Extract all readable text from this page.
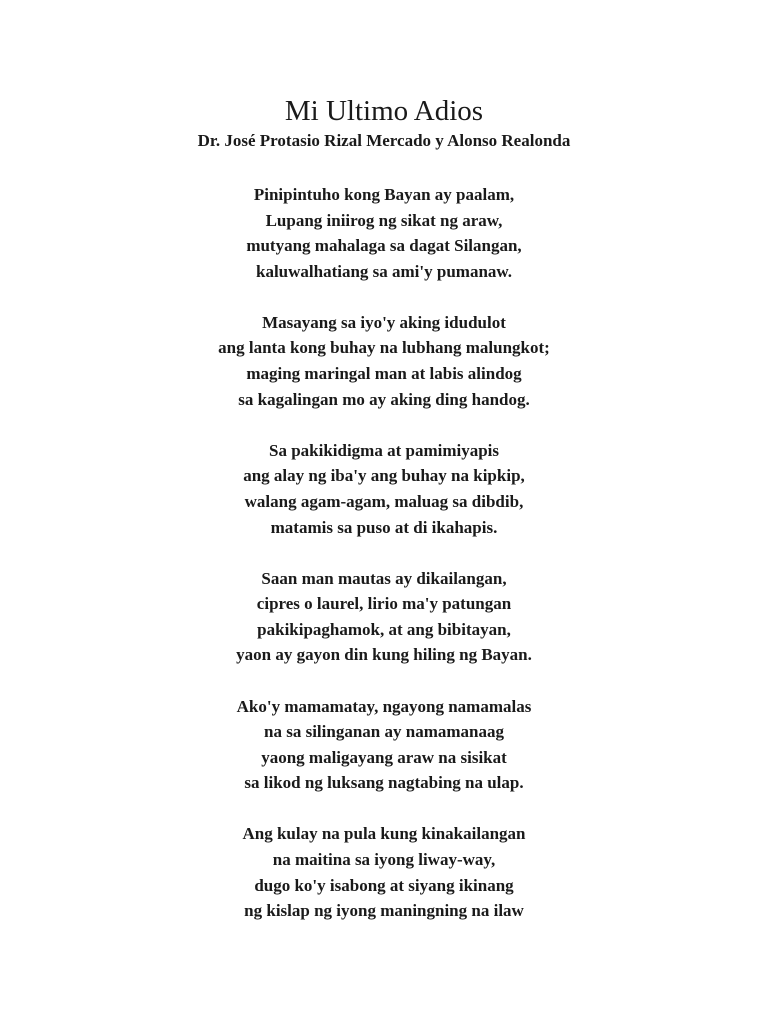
Mi Ultimo Adios

Dr. José Protasio Rizal Mercado y Alonso Realonda

Pinipintuho kong Bayan ay paalam,
Lupang iniirog ng sikat ng araw,
mutyang mahalaga sa dagat Silangan,
kaluwalhatiang sa ami'y pumanaw.
Masayang sa iyo'y aking idudulot
ang lanta kong buhay na lubhang malungkot;
maging maringal man at labis alindog
sa kagalingan mo ay aking ding handog.
Sa pakikidigma at pamimiyapis
ang alay ng iba'y ang buhay na kipkip,
walang agam-agam, maluag sa dibdib,
matamis sa puso at di ikahapis.
Saan man mautas ay dikailangan,
cipres o laurel, lirio ma'y patungan
pakikipaghamok, at ang bibitayan,
yaon ay gayon din kung hiling ng Bayan.
Ako'y mamamatay, ngayong namamalas
na sa silinganan ay namamanaag
yaong maligayang araw na sisikat
sa likod ng luksang nagtabing na ulap.
Ang kulay na pula kung kinakailangan
na maitina sa iyong liway-way,
dugo ko'y isabong at siyang ikinang
ng kislap ng iyong maningning na ilaw
